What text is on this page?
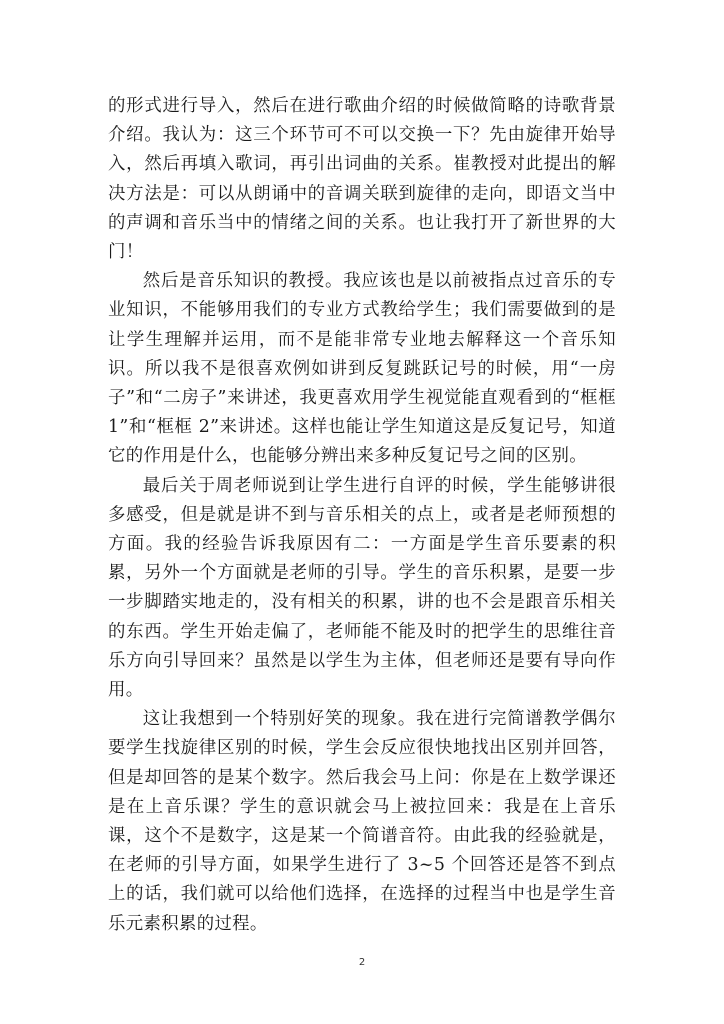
的形式进行导入，然后在进行歌曲介绍的时候做简略的诗歌背景介绍。我认为：这三个环节可不可以交换一下？先由旋律开始导入，然后再填入歌词，再引出词曲的关系。崔教授对此提出的解决方法是：可以从朗诵中的音调关联到旋律的走向，即语文当中的声调和音乐当中的情绪之间的关系。也让我打开了新世界的大门！

然后是音乐知识的教授。我应该也是以前被指点过音乐的专业知识，不能够用我们的专业方式教给学生；我们需要做到的是让学生理解并运用，而不是能非常专业地去解释这一个音乐知识。所以我不是很喜欢例如讲到反复跳跃记号的时候，用“一房子”和“二房子”来讲述，我更喜欢用学生视觉能直观看到的“框框 1”和“框框 2”来讲述。这样也能让学生知道这是反复记号，知道它的作用是什么，也能够分辨出来多种反复记号之间的区别。

最后关于周老师说到让学生进行自评的时候，学生能够讲很多感受，但是就是讲不到与音乐相关的点上，或者是老师预想的方面。我的经验告诉我原因有二：一方面是学生音乐要素的积累，另外一个方面就是老师的引导。学生的音乐积累，是要一步一步脚踏实地走的，没有相关的积累，讲的也不会是跟音乐相关的东西。学生开始走偏了，老师能不能及时的把学生的思维往音乐方向引导回来？虽然是以学生为主体，但老师还是要有导向作用。

这让我想到一个特别好笑的现象。我在进行完简谱教学偶尔要学生找旋律区别的时候，学生会反应很快地找出区别并回答，但是却回答的是某个数字。然后我会马上问：你是在上数学课还是在上音乐课？学生的意识就会马上被拉回来：我是在上音乐课，这个不是数字，这是某一个简谱音符。由此我的经验就是，在老师的引导方面，如果学生进行了 3~5 个回答还是答不到点上的话，我们就可以给他们选择，在选择的过程当中也是学生音乐元素积累的过程。

2
